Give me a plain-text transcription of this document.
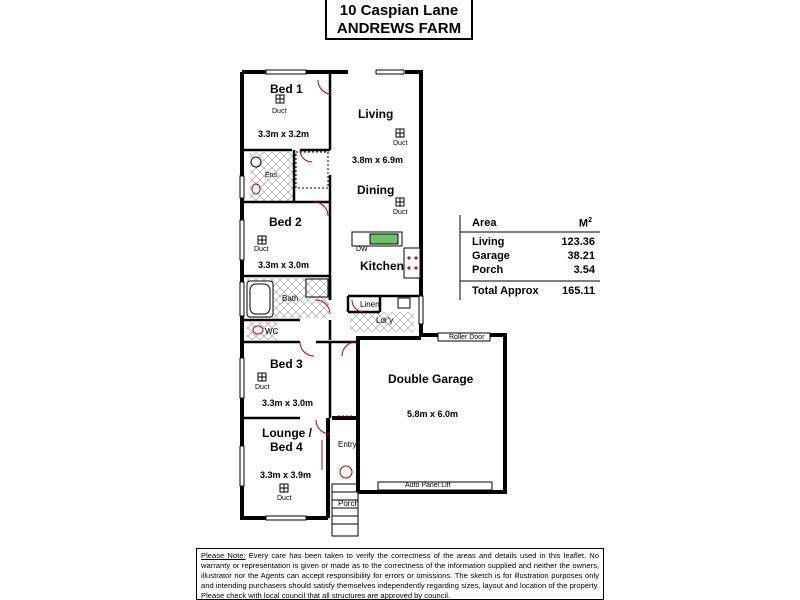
10 Caspian Lane
ANDREWS FARM
Bed 1
Duct
3.3m x 3.2m
Ens.
Living
Duct
3.8m x 6.9m
Dining
Duct
Bed 2
Duct
3.3m x 3.0m
DW
Kitchen
Bath
Linen
Ldr'y
WC
Bed 3
Duct
3.3m x 3.0m
Roller Door
Double Garage
5.8m x 6.0m
Auto Panel Lift
Lounge /
Bed 4
3.3m x 3.9m
Duct
Entry
Porch
Area	$M^2$
Living	123.36
Garage	38.21
Porch	3.54
Total Approx 165.11
Please Note: Every care has been taken to verify the correctness of the areas and details used in this leaflet. No warranty or representation is given or made as to the correctness of the information supplied and neither the owners, illustrator nor the Agents can accept responsibility for errors or omissions. The sketch is for illustration purposes only and intending purchasers should satisfy themselves independently regarding sizes, layout and location of the property. Please check with local council that all structures are approved by council.
